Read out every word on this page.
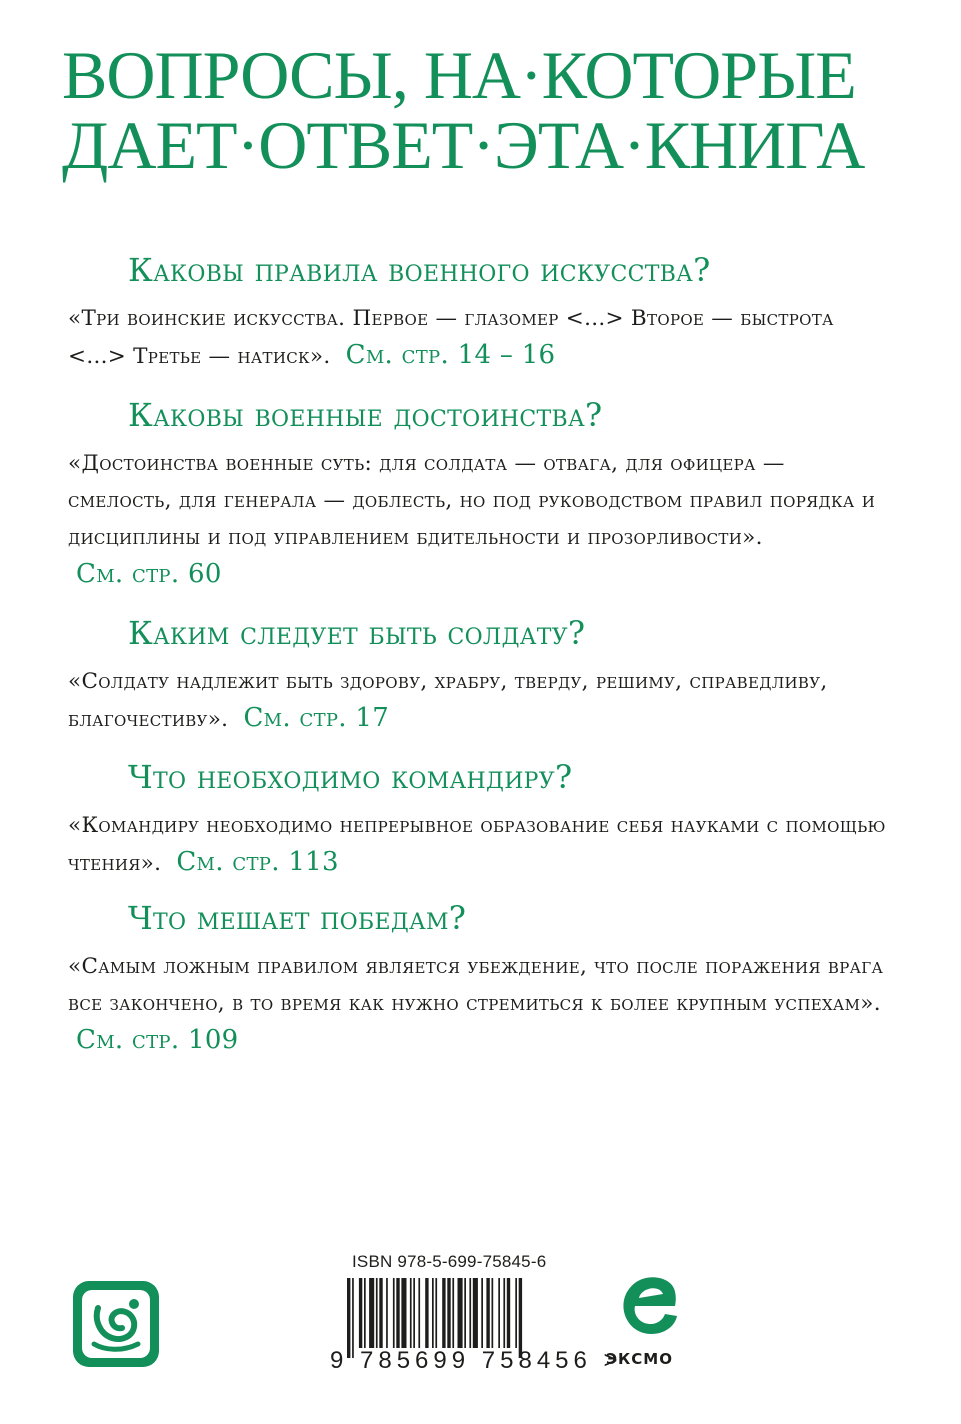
ВОПРОСЫ, НА·КОТОРЫЕ
ДАЕТ·ОТВЕТ·ЭТА·КНИГА
Каковы правила военного искусства?

«Три воинские искусства. Первое — глазомер <...> Второе — быстрота <...> Третье — натиск». См. стр. 14 – 16

Каковы военные достоинства?

«Достоинства военные суть: для солдата — отвага, для офицера — смелость, для генерала — доблесть, но под руководством правил порядка и дисциплины и под управлением бдительности и прозорливости». См. стр. 60

Каким следует быть солдату?

«Солдату надлежит быть здорову, храбру, тверду, решиму, справедливу, благочестиву». См. стр. 17

Что необходимо командиру?

«Командиру необходимо непрерывное образование себя науками с помощью чтения». См. стр. 113

Что мешает победам?

«Самым ложным правилом является убеждение, что после поражения врага все закончено, в то время как нужно стремиться к более крупным успехам». См. стр. 109

ISBN 978-5-699-75845-6
9 785699 758456 >
ЭКСМО
